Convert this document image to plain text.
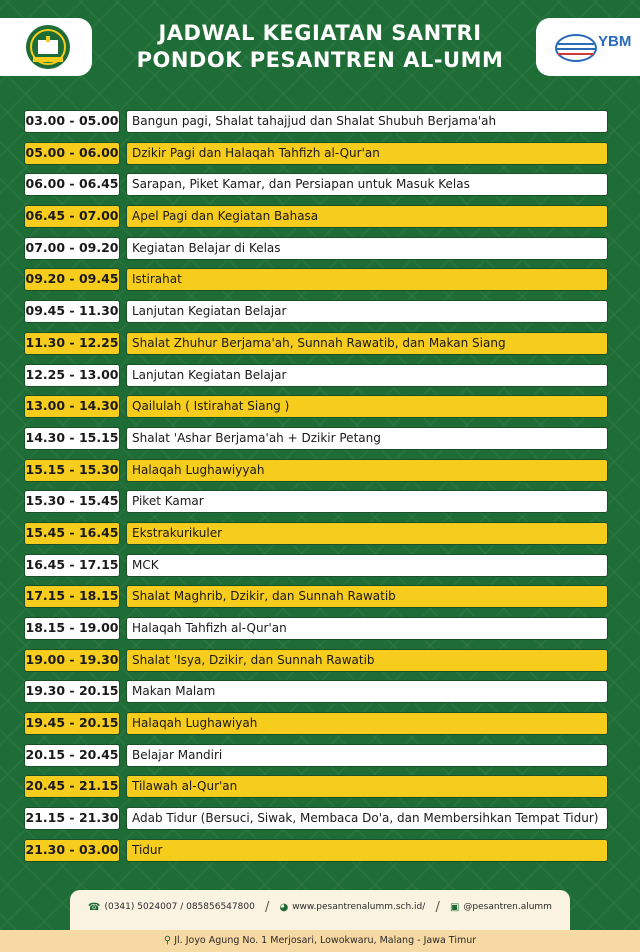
JADWAL KEGIATAN SANTRI
PONDOK PESANTREN AL-UMM
YBM
03.00 - 05.00	Bangun pagi, Shalat tahajjud dan Shalat Shubuh Berjama'ah
05.00 - 06.00	Dzikir Pagi dan Halaqah Tahfizh al-Qur'an
06.00 - 06.45	Sarapan, Piket Kamar, dan Persiapan untuk Masuk Kelas
06.45 - 07.00	Apel Pagi dan Kegiatan Bahasa
07.00 - 09.20	Kegiatan Belajar di Kelas
09.20 - 09.45	Istirahat
09.45 - 11.30	Lanjutan Kegiatan Belajar
11.30 - 12.25	Shalat Zhuhur Berjama'ah, Sunnah Rawatib, dan Makan Siang
12.25 - 13.00	Lanjutan Kegiatan Belajar
13.00 - 14.30	Qailulah ( Istirahat Siang )
14.30 - 15.15	Shalat 'Ashar Berjama'ah + Dzikir Petang
15.15 - 15.30	Halaqah Lughawiyyah
15.30 - 15.45	Piket Kamar
15.45 - 16.45	Ekstrakurikuler
16.45 - 17.15	MCK
17.15 - 18.15	Shalat Maghrib, Dzikir, dan Sunnah Rawatib
18.15 - 19.00	Halaqah Tahfizh al-Qur'an
19.00 - 19.30	Shalat 'Isya, Dzikir, dan Sunnah Rawatib
19.30 - 20.15	Makan Malam
19.45 - 20.15	Halaqah Lughawiyah
20.15 - 20.45	Belajar Mandiri
20.45 - 21.15	Tilawah al-Qur'an
21.15 - 21.30	Adab Tidur (Bersuci, Siwak, Membaca Do'a, dan Membersihkan Tempat Tidur)
21.30 - 03.00	Tidur
☎ (0341) 5024007 / 085856547800 / ◕ www.pesantrenalumm.sch.id/ / ▣ @pesantren.alumm
⚲ Jl. Joyo Agung No. 1 Merjosari, Lowokwaru, Malang - Jawa Timur
